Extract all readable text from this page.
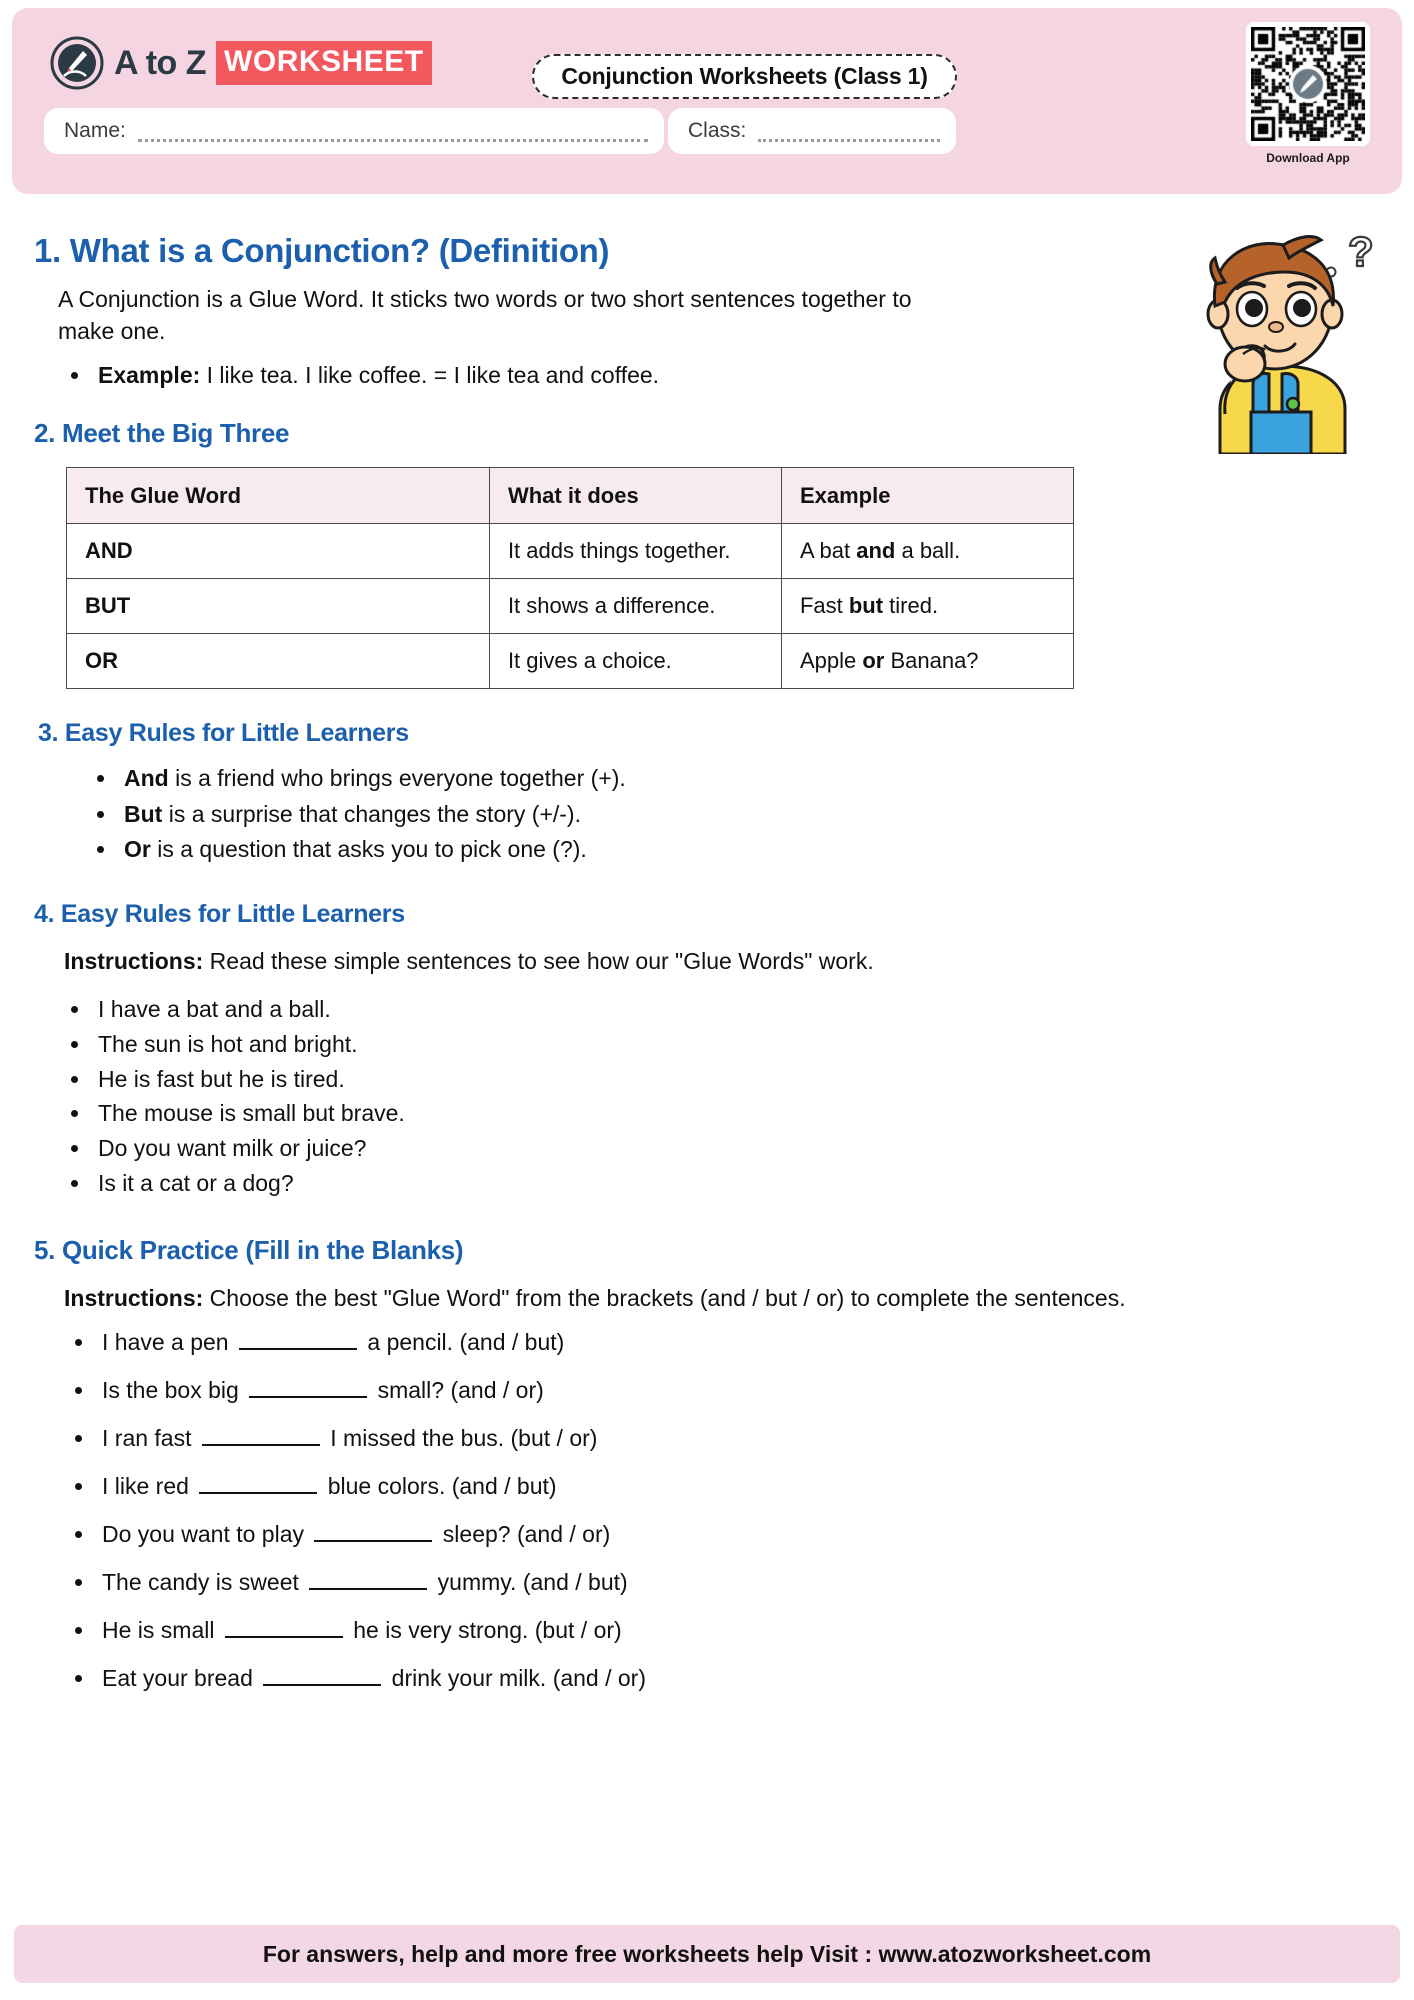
A to Z WORKSHEET	Conjunction Worksheets (Class 1)
Name:	Class:
Download App
?
1. What is a Conjunction? (Definition)

A Conjunction is a Glue Word. It sticks two words or two short sentences together to make one.

• Example: I like tea. I like coffee. = I like tea and coffee.
2. Meet the Big Three
The Glue Word	What it does	Example
AND	It adds things together.	A bat and a ball.
BUT	It shows a difference.	Fast but tired.
OR	It gives a choice.	Apple or Banana?
3. Easy Rules for Little Learners
• And is a friend who brings everyone together (+).
• But is a surprise that changes the story (+/-).
• Or is a question that asks you to pick one (?).
4. Easy Rules for Little Learners
Instructions: Read these simple sentences to see how our "Glue Words" work.
• I have a bat and a ball.
• The sun is hot and bright.
• He is fast but he is tired.
• The mouse is small but brave.
• Do you want milk or juice?
• Is it a cat or a dog?
5. Quick Practice (Fill in the Blanks)
Instructions: Choose the best "Glue Word" from the brackets (and / but / or) to complete the sentences.
• I have a pen	a pencil. (and / but)
• Is the box big	small? (and / or)
• I ran fast	I missed the bus. (but / or)
• I like red	blue colors. (and / but)
• Do you want to play	sleep? (and / or)
• The candy is sweet	yummy. (and / but)
• He is small	he is very strong. (but / or)
• Eat your bread	drink your milk. (and / or)
For answers, help and more free worksheets help Visit : www.atozworksheet.com
